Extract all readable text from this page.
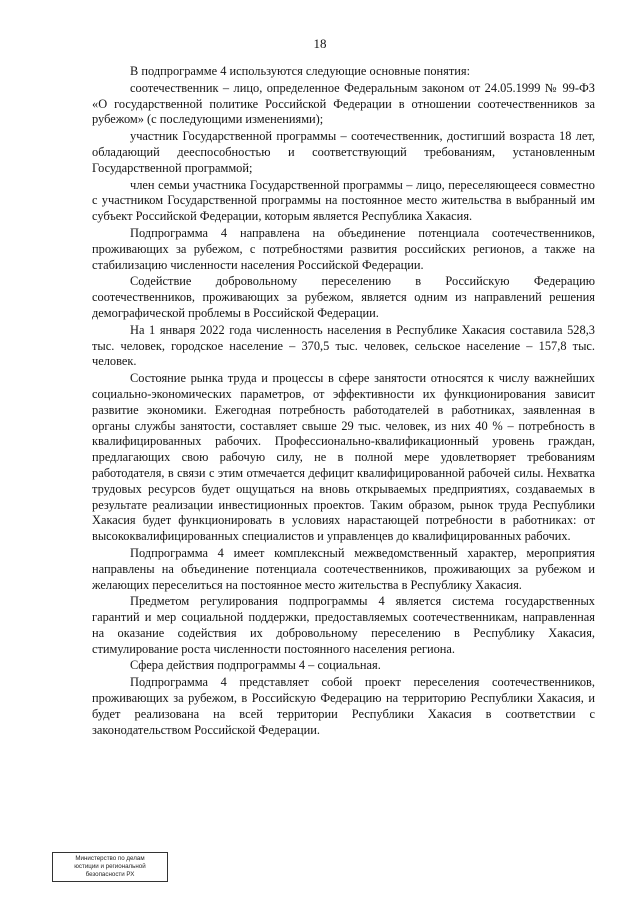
18

В подпрограмме 4 используются следующие основные понятия:

соотечественник – лицо, определенное Федеральным законом от 24.05.1999 № 99-ФЗ «О государственной политике Российской Федерации в отношении соотечественников за рубежом» (с последующими изменениями);

участник Государственной программы – соотечественник, достигший возраста 18 лет, обладающий дееспособностью и соответствующий требованиям, установленным Государственной программой;

член семьи участника Государственной программы – лицо, переселяющееся совместно с участником Государственной программы на постоянное место жительства в выбранный им субъект Российской Федерации, которым является Республика Хакасия.

Подпрограмма 4 направлена на объединение потенциала соотечественников, проживающих за рубежом, с потребностями развития российских регионов, а также на стабилизацию численности населения Российской Федерации.

Содействие добровольному переселению в Российскую Федерацию соотечественников, проживающих за рубежом, является одним из направлений решения демографической проблемы в Российской Федерации.

На 1 января 2022 года численность населения в Республике Хакасия составила 528,3 тыс. человек, городское население – 370,5 тыс. человек, сельское население – 157,8 тыс. человек.

Состояние рынка труда и процессы в сфере занятости относятся к числу важнейших социально-экономических параметров, от эффективности их функционирования зависит развитие экономики. Ежегодная потребность работодателей в работниках, заявленная в органы службы занятости, составляет свыше 29 тыс. человек, из них 40 % – потребность в квалифицированных рабочих. Профессионально-квалификационный уровень граждан, предлагающих свою рабочую силу, не в полной мере удовлетворяет требованиям работодателя, в связи с этим отмечается дефицит квалифицированной рабочей силы. Нехватка трудовых ресурсов будет ощущаться на вновь открываемых предприятиях, создаваемых в результате реализации инвестиционных проектов. Таким образом, рынок труда Республики Хакасия будет функционировать в условиях нарастающей потребности в работниках: от высококвалифицированных специалистов и управленцев до квалифицированных рабочих.

Подпрограмма 4 имеет комплексный межведомственный характер, мероприятия направлены на объединение потенциала соотечественников, проживающих за рубежом и желающих переселиться на постоянное место жительства в Республику Хакасия.

Предметом регулирования подпрограммы 4 является система государственных гарантий и мер социальной поддержки, предоставляемых соотечественникам, направленная на оказание содействия их добровольному переселению в Республику Хакасия, стимулирование роста численности постоянного населения региона.

Сфера действия подпрограммы 4 – социальная.

Подпрограмма 4 представляет собой проект переселения соотечественников, проживающих за рубежом, в Российскую Федерацию на территорию Республики Хакасия, и будет реализована на всей территории Республики Хакасия в соответствии с законодательством Российской Федерации.

Министерство по делам
юстиции и региональной
безопасности РХ
